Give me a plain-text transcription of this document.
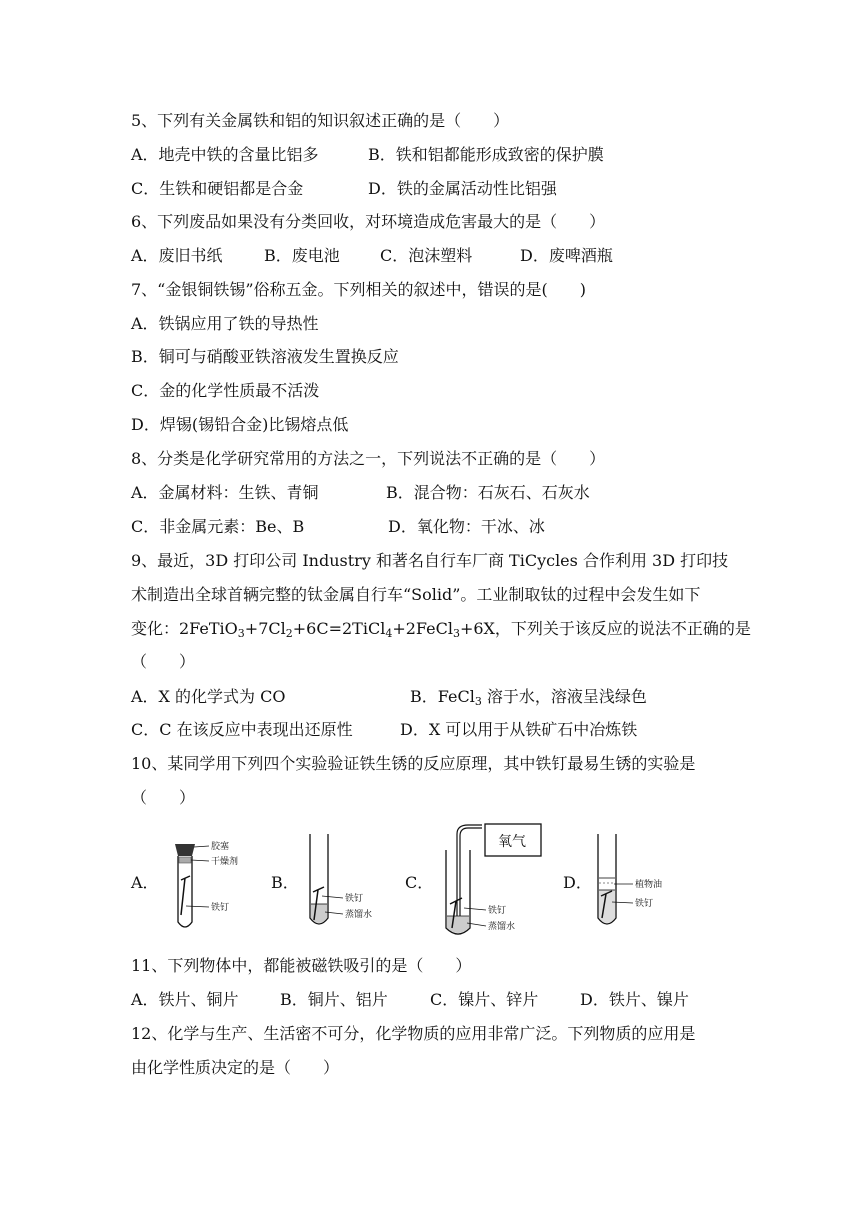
5、下列有关金属铁和铝的知识叙述正确的是（　　）
A．地壳中铁的含量比铝多	B．铁和铝都能形成致密的保护膜
C．生铁和硬铝都是合金	D．铁的金属活动性比铝强
6、下列废品如果没有分类回收，对环境造成危害最大的是（　　）
A．废旧书纸	B．废电池	C．泡沫塑料	D．废啤酒瓶
7、“金银铜铁锡”俗称五金。下列相关的叙述中，错误的是(　　)
A．铁锅应用了铁的导热性
B．铜可与硝酸亚铁溶液发生置换反应
C．金的化学性质最不活泼
D．焊锡(锡铅合金)比锡熔点低
8、分类是化学研究常用的方法之一，下列说法不正确的是（　　）
A．金属材料：生铁、青铜	B．混合物：石灰石、石灰水
C．非金属元素：Be、B	D．氧化物：干冰、冰
9、最近，3D 打印公司 Industry 和著名自行车厂商 TiCycles 合作利用 3D 打印技
术制造出全球首辆完整的钛金属自行车“Solid”。工业制取钛的过程中会发生如下
变化：$2FeTiO_3+7Cl_2+6C=2TiCl_4+2FeCl_3+6X$，下列关于该反应的说法不正确的是
（　　）
A．X 的化学式为 CO	B．FeCl$_3$ 溶于水，溶液呈浅绿色
C．C 在该反应中表现出还原性	D．X 可以用于从铁矿石中冶炼铁
10、某同学用下列四个实验验证铁生锈的反应原理，其中铁钉最易生锈的实验是
（　　）
A．	B．	C．	D．
胶塞
干燥剂
铁钉
铁钉
蒸馏水
氧气
铁钉
蒸馏水
植物油
铁钉
11、下列物体中，都能被磁铁吸引的是（　　）
A．铁片、铜片	B．铜片、铝片	C．镍片、锌片	D．铁片、镍片
12、化学与生产、生活密不可分，化学物质的应用非常广泛。下列物质的应用是
由化学性质决定的是（　　）
